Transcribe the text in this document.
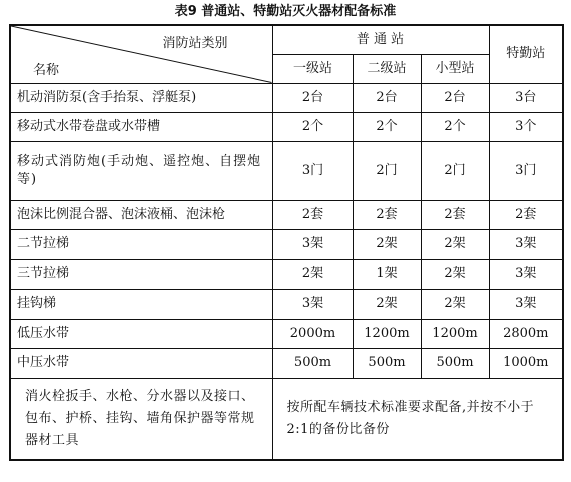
表9 普通站、特勤站灭火器材配备标准
消防站类别
名称	普 通 站			特勤站
	一级站	二级站	小型站	
机动消防泵(含手抬泵、浮艇泵)	2台	2台	2台	3台
移动式水带卷盘或水带槽	2个	2个	2个	3个
移动式消防炮(手动炮、遥控炮、自摆炮等)	3门	2门	2门	3门
泡沫比例混合器、泡沫液桶、泡沫枪	2套	2套	2套	2套
二节拉梯	3架	2架	2架	3架
三节拉梯	2架	1架	2架	3架
挂钩梯	3架	2架	2架	3架
低压水带	2000m	1200m	1200m	2800m
中压水带	500m	500m	500m	1000m
消火栓扳手、水枪、分水器以及接口、包布、护桥、挂钩、墙角保护器等常规器材工具	按所配车辆技术标准要求配备,并按不小于2:1的备份比备份			
